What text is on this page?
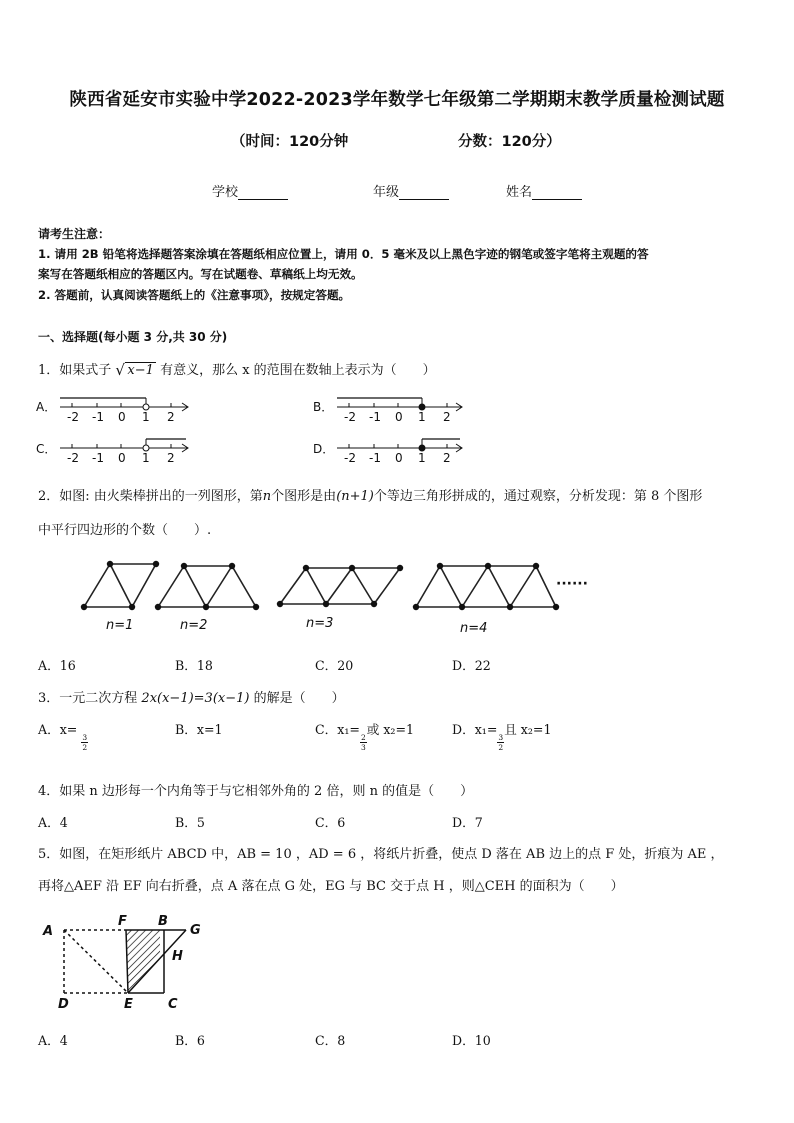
陕西省延安市实验中学2022-2023学年数学七年级第二学期期末教学质量检测试题
（时间：120分钟	分数：120分）
学校	年级	姓名
请考生注意：
1. 请用 2B 铅笔将选择题答案涂填在答题纸相应位置上，请用 0．5 毫米及以上黑色字迹的钢笔或签字笔将主观题的答
案写在答题纸相应的答题区内。写在试题卷、草稿纸上均无效。
2. 答题前，认真阅读答题纸上的《注意事项》，按规定答题。
一、选择题(每小题 3 分,共 30 分)
1．如果式子 √ x−1 有意义，那么 x 的范围在数轴上表示为（　　）
A．
-2 -1 0 1 2
B．
-2 -1 0 1 2
C．
-2 -1 0 1 2
D．
-2 -1 0 1 2
2．如图: 由火柴棒拼出的一列图形，第n个图形是由(n+1)个等边三角形拼成的，通过观察，分析发现：第 8 个图形
中平行四边形的个数（　　）.
n=1	n=2	n=3	n=4
······
A．16	B．18	C．20	D．22
3．一元二次方程 2x(x−1)=3(x−1) 的解是（　　）
A．x=
$\frac{3}{2}$
B．x=1	C．x₁=
$\frac{2}{3}$
或 x₂=1	D．x₁=
$\frac{3}{2}$
且 x₂=1
4．如果 n 边形每一个内角等于与它相邻外角的 2 倍，则 n 的值是（　　）
A．4	B．5	C．6	D．7
5．如图，在矩形纸片 ABCD 中，AB = 10 ，AD = 6 ，将纸片折叠，使点 D 落在 AB 边上的点 F 处，折痕为 AE ，
再将△AEF 沿 EF 向右折叠，点 A 落在点 G 处，EG 与 BC 交于点 H ，则△CEH 的面积为（　　）
A
F B
G
H
D	E	C
A．4	B．6	C．8	D．10
